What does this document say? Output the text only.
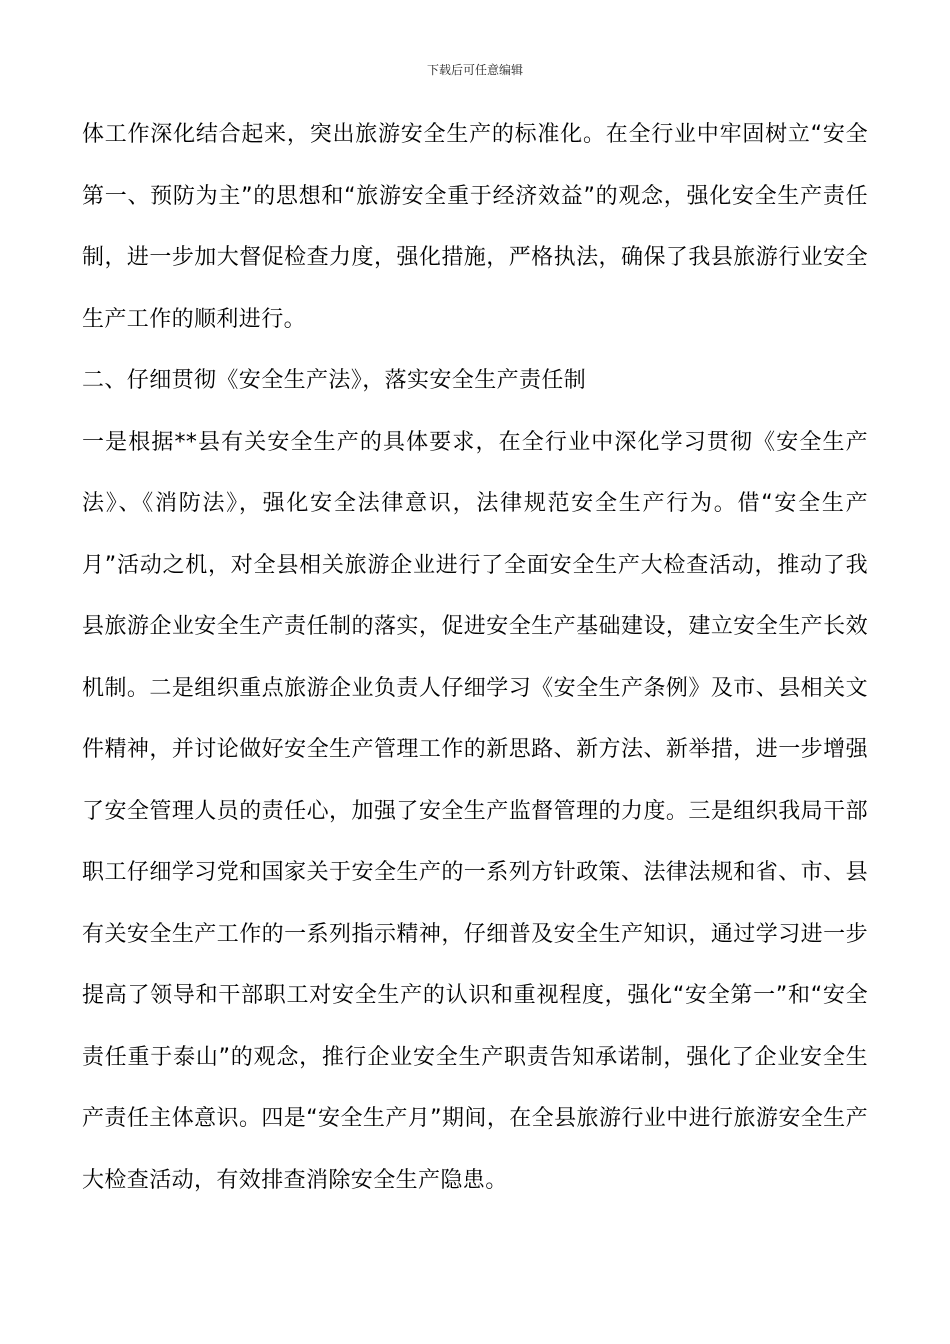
下载后可任意编辑

体工作深化结合起来，突出旅游安全生产的标准化。在全行业中牢固树立“安全第一、预防为主”的思想和“旅游安全重于经济效益”的观念，强化安全生产责任制，进一步加大督促检查力度，强化措施，严格执法，确保了我县旅游行业安全生产工作的顺利进行。

二、仔细贯彻《安全生产法》，落实安全生产责任制

一是根据**县有关安全生产的具体要求，在全行业中深化学习贯彻《安全生产法》、《消防法》，强化安全法律意识，法律规范安全生产行为。借“安全生产月”活动之机，对全县相关旅游企业进行了全面安全生产大检查活动，推动了我县旅游企业安全生产责任制的落实，促进安全生产基础建设，建立安全生产长效机制。二是组织重点旅游企业负责人仔细学习《安全生产条例》及市、县相关文件精神，并讨论做好安全生产管理工作的新思路、新方法、新举措，进一步增强了安全管理人员的责任心，加强了安全生产监督管理的力度。三是组织我局干部职工仔细学习党和国家关于安全生产的一系列方针政策、法律法规和省、市、县有关安全生产工作的一系列指示精神，仔细普及安全生产知识，通过学习进一步提高了领导和干部职工对安全生产的认识和重视程度，强化“安全第一”和“安全责任重于泰山”的观念，推行企业安全生产职责告知承诺制，强化了企业安全生产责任主体意识。四是“安全生产月”期间，在全县旅游行业中进行旅游安全生产大检查活动，有效排查消除安全生产隐患。
